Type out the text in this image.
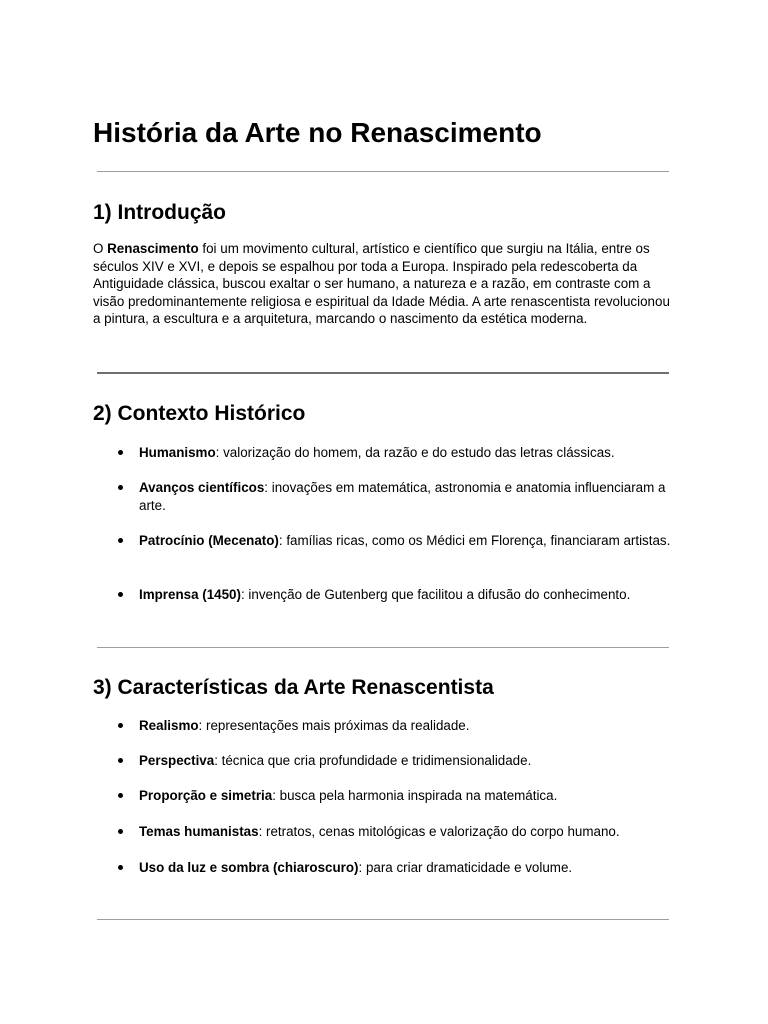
História da Arte no Renascimento
1) Introdução

O Renascimento foi um movimento cultural, artístico e científico que surgiu na Itália, entre os séculos XIV e XVI, e depois se espalhou por toda a Europa. Inspirado pela redescoberta da Antiguidade clássica, buscou exaltar o ser humano, a natureza e a razão, em contraste com a visão predominantemente religiosa e espiritual da Idade Média. A arte renascentista revolucionou a pintura, a escultura e a arquitetura, marcando o nascimento da estética moderna.

2) Contexto Histórico
Humanismo: valorização do homem, da razão e do estudo das letras clássicas.
Avanços científicos: inovações em matemática, astronomia e anatomia influenciaram a arte.
Patrocínio (Mecenato): famílias ricas, como os Médici em Florença, financiaram artistas.
Imprensa (1450): invenção de Gutenberg que facilitou a difusão do conhecimento.
3) Características da Arte Renascentista
Realismo: representações mais próximas da realidade.
Perspectiva: técnica que cria profundidade e tridimensionalidade.
Proporção e simetria: busca pela harmonia inspirada na matemática.
Temas humanistas: retratos, cenas mitológicas e valorização do corpo humano.
Uso da luz e sombra (chiaroscuro): para criar dramaticidade e volume.
